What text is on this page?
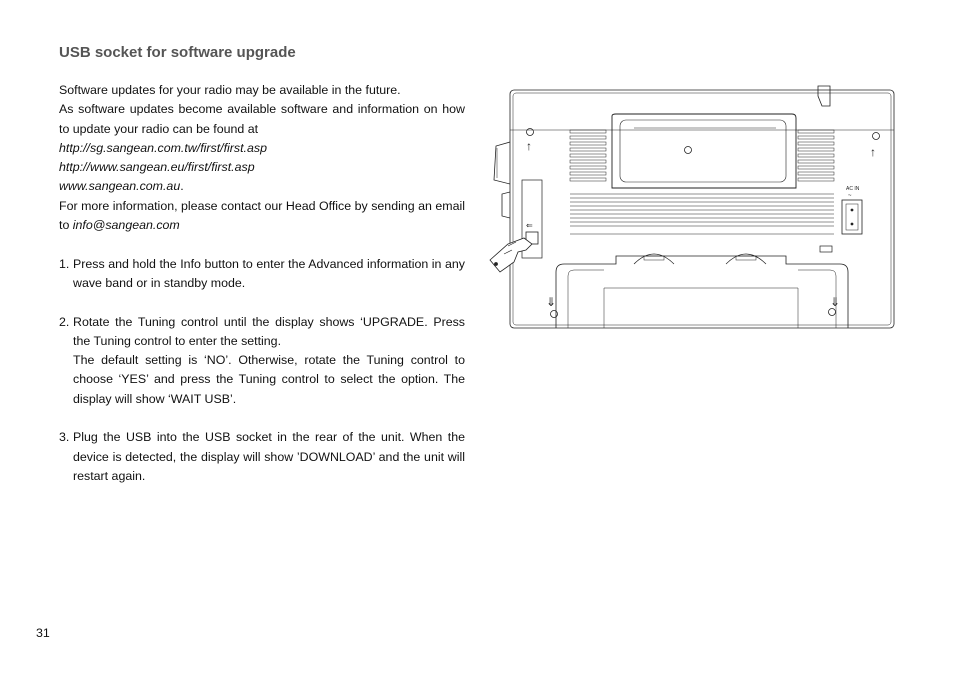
USB socket for software upgrade

Software updates for your radio may be available in the future.

As software updates become available software and information on how to update your radio can be found at

http://sg.sangean.com.tw/first/first.asp

http://www.sangean.eu/first/first.asp

www.sangean.com.au.

For more information, please contact our Head Office by sending an email to info@sangean.com

1. Press and hold the Info button to enter the Advanced information in any wave band or in standby mode.
2. Rotate the Tuning control until the display shows ‘UPGRADE. Press the Tuning control to enter the setting.

The default setting is ‘NO’. Otherwise, rotate the Tuning control to choose ‘YES’ and press the Tuning control to select the option. The display will show ‘WAIT USB’.

3. Plug the USB into the USB socket in the rear of the unit. When the device is detected, the display will show ’DOWNLOAD’ and the unit will restart again.
31
↑	↑
⇓	⇓
⇐
AC IN
~
